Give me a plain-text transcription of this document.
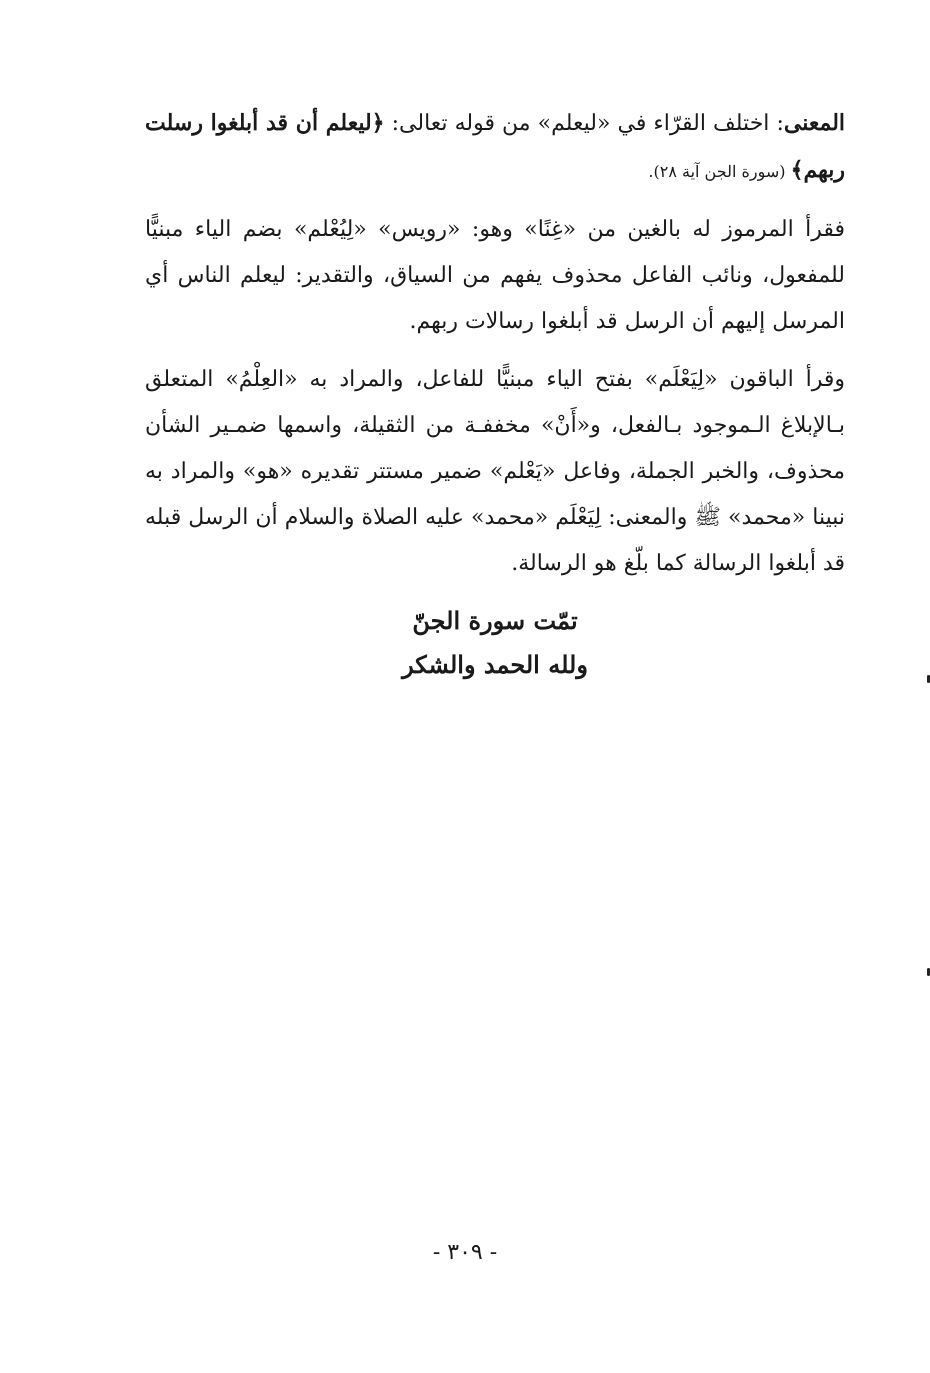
المعنى: اختلف القرّاء في «ليعلم» من قوله تعالى: ﴿ليعلم أن قد أبلغوا رسلت ربهم﴾ (سورة الجن آية ٢٨).

فقرأ المرموز له بالغين من «غِنًا» وهو: «رويس» «لِيُعْلم» بضم الياء مبنيًّا للمفعول، ونائب الفاعل محذوف يفهم من السياق، والتقدير: ليعلم الناس أي المرسل إليهم أن الرسل قد أبلغوا رسالات ربهم.

وقرأ الباقون «لِيَعْلَم» بفتح الياء مبنيًّا للفاعل، والمراد به «العِلْمُ» المتعلق بـالإبلاغ الـموجود بـالفعل، و«أَنْ» مخففـة من الثقيلة، واسمها ضمـير الشأن محذوف، والخبر الجملة، وفاعل «يَعْلم» ضمير مستتر تقديره «هو» والمراد به نبينا «محمد» ﷺ والمعنى: لِيَعْلَم «محمد» عليه الصلاة والسلام أن الرسل قبله قد أبلغوا الرسالة كما بلّغ هو الرسالة.

تمّت سورة الجنّ
ولله الحمد والشكر
- ٣٠٩ -
